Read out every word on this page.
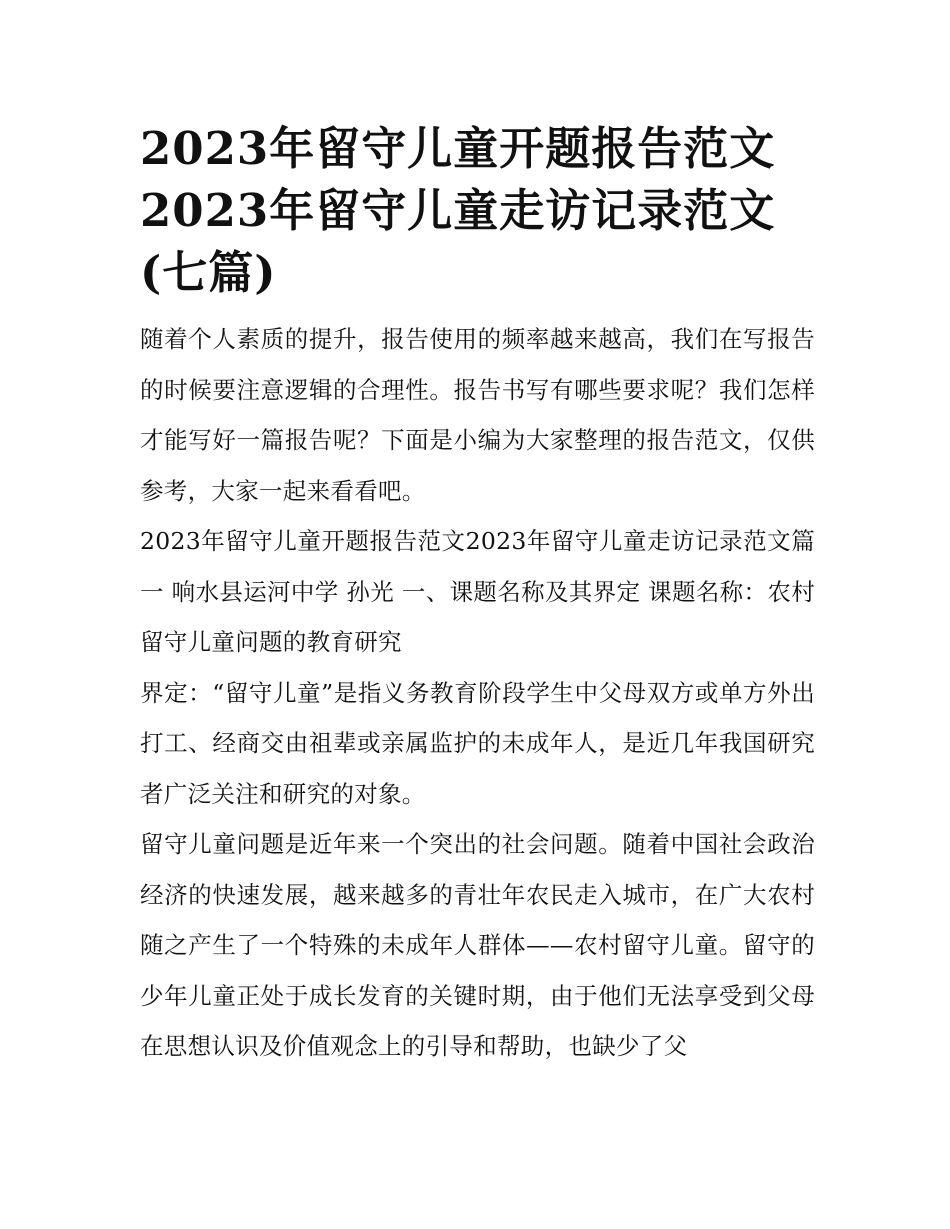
2023年留守儿童开题报告范文
2023年留守儿童走访记录范文
(七篇)

随着个人素质的提升，报告使用的频率越来越高，我们在写报告的时候要注意逻辑的合理性。报告书写有哪些要求呢？我们怎样才能写好一篇报告呢？下面是小编为大家整理的报告范文，仅供参考，大家一起来看看吧。

2023年留守儿童开题报告范文2023年留守儿童走访记录范文篇一 响水县运河中学 孙光 一、课题名称及其界定 课题名称：农村留守儿童问题的教育研究

界定：“留守儿童”是指义务教育阶段学生中父母双方或单方外出打工、经商交由祖辈或亲属监护的未成年人，是近几年我国研究者广泛关注和研究的对象。

留守儿童问题是近年来一个突出的社会问题。随着中国社会政治经济的快速发展，越来越多的青壮年农民走入城市，在广大农村随之产生了一个特殊的未成年人群体——农村留守儿童。留守的少年儿童正处于成长发育的关键时期，由于他们无法享受到父母在思想认识及价值观念上的引导和帮助，也缺少了父
